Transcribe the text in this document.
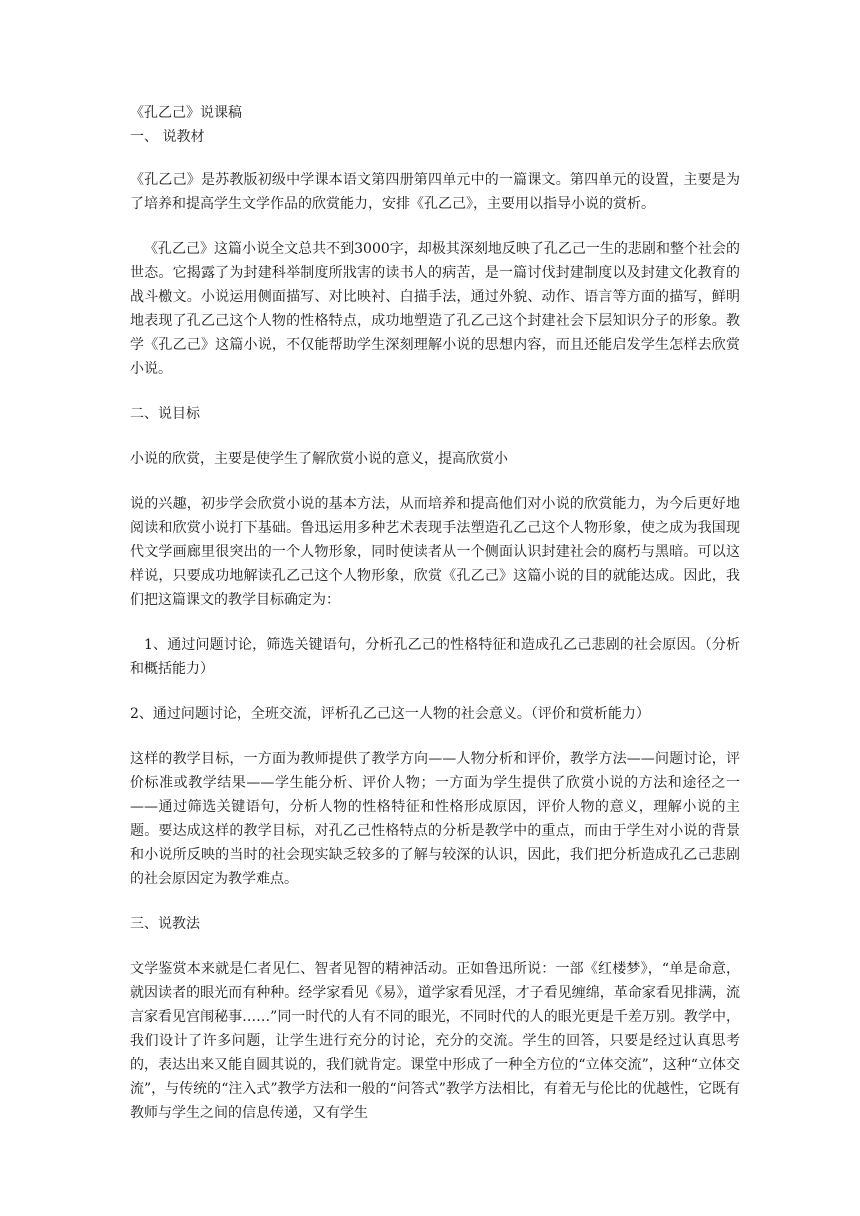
《孔乙己》说课稿

一、 说教材

《孔乙己》是苏教版初级中学课本语文第四册第四单元中的一篇课文。第四单元的设置，主要是为了培养和提高学生文学作品的欣赏能力，安排《孔乙己》，主要用以指导小说的赏析。

《孔乙己》这篇小说全文总共不到3000字，却极其深刻地反映了孔乙己一生的悲剧和整个社会的世态。它揭露了为封建科举制度所戕害的读书人的病苦，是一篇讨伐封建制度以及封建文化教育的战斗檄文。小说运用侧面描写、对比映衬、白描手法，通过外貌、动作、语言等方面的描写，鲜明地表现了孔乙己这个人物的性格特点，成功地塑造了孔乙己这个封建社会下层知识分子的形象。教学《孔乙己》这篇小说，不仅能帮助学生深刻理解小说的思想内容，而且还能启发学生怎样去欣赏小说。

二、说目标

小说的欣赏，主要是使学生了解欣赏小说的意义，提高欣赏小

说的兴趣，初步学会欣赏小说的基本方法，从而培养和提高他们对小说的欣赏能力，为今后更好地阅读和欣赏小说打下基础。鲁迅运用多种艺术表现手法塑造孔乙己这个人物形象，使之成为我国现代文学画廊里很突出的一个人物形象，同时使读者从一个侧面认识封建社会的腐朽与黑暗。可以这样说，只要成功地解读孔乙己这个人物形象，欣赏《孔乙己》这篇小说的目的就能达成。因此，我们把这篇课文的教学目标确定为：

1、通过问题讨论，筛选关键语句，分析孔乙己的性格特征和造成孔乙己悲剧的社会原因。（分析和概括能力）

2、通过问题讨论，全班交流，评析孔乙己这一人物的社会意义。（评价和赏析能力）

这样的教学目标，一方面为教师提供了教学方向——人物分析和评价，教学方法——问题讨论，评价标准或教学结果——学生能分析、评价人物；一方面为学生提供了欣赏小说的方法和途径之一——通过筛选关键语句，分析人物的性格特征和性格形成原因，评价人物的意义，理解小说的主题。要达成这样的教学目标，对孔乙己性格特点的分析是教学中的重点，而由于学生对小说的背景和小说所反映的当时的社会现实缺乏较多的了解与较深的认识，因此，我们把分析造成孔乙己悲剧的社会原因定为教学难点。

三、说教法

文学鉴赏本来就是仁者见仁、智者见智的精神活动。正如鲁迅所说：一部《红楼梦》，“单是命意，就因读者的眼光而有种种。经学家看见《易》，道学家看见淫，才子看见缠绵，革命家看见排满，流言家看见宫闱秘事……”同一时代的人有不同的眼光，不同时代的人的眼光更是千差万别。教学中，我们设计了许多问题，让学生进行充分的讨论，充分的交流。学生的回答，只要是经过认真思考的，表达出来又能自圆其说的，我们就肯定。课堂中形成了一种全方位的“立体交流”，这种“立体交流”，与传统的“注入式”教学方法和一般的“问答式”教学方法相比，有着无与伦比的优越性，它既有教师与学生之间的信息传递，又有学生
